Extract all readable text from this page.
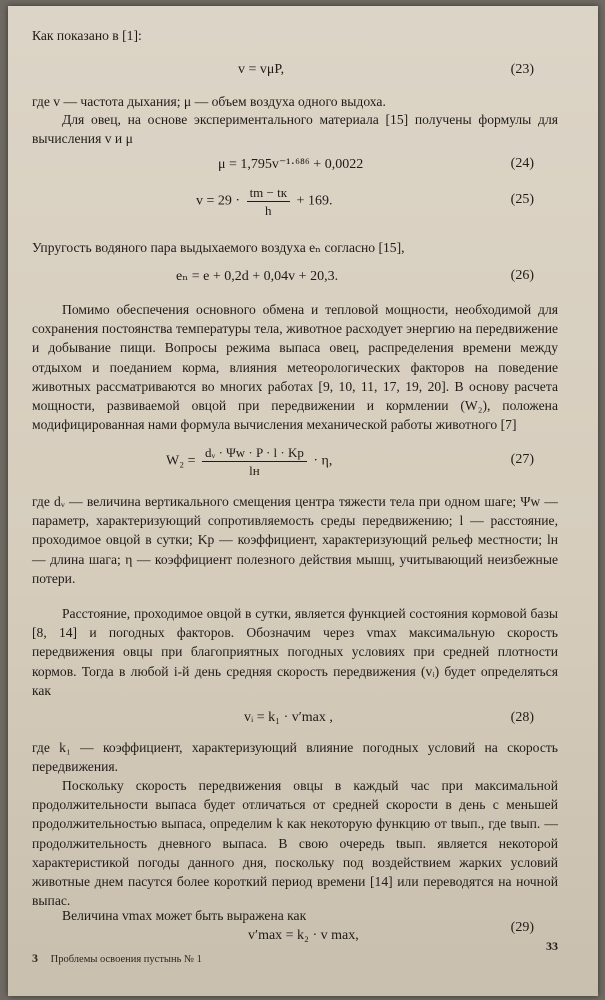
Как показано в [1]:
v = vμP,	(23)
где v — частота дыхания; μ — объем воздуха одного выдоха.
Для овец, на основе экспериментального материала [15] получены формулы для вычисления v и μ
μ = 1,795v⁻¹·⁶⁸⁶ + 0,0022	(24)
$v = 29 \cdot \frac{tm - tк}{h} + 169$.	(25)
Упругость водяного пара выдыхаемого воздуха eₙ согласно [15],
eₙ = e + 0,2d + 0,04v + 20,3.	(26)
Помимо обеспечения основного обмена и тепловой мощности, необходимой для сохранения постоянства температуры тела, животное расходует энергию на передвижение и добывание пищи. Вопросы режима выпаса овец, распределения времени между отдыхом и поеданием корма, влияния метеорологических факторов на поведение животных рассматриваются во многих работах [9, 10, 11, 17, 19, 20]. В основу расчета мощности, развиваемой овцой при передвижении и кормлении (W₂), положена модифицированная нами формула вычисления механической работы животного [7]
$W_2 = \frac{\text{dᵥ · Ψw · P · l · Kp}}{lн} \cdot \eta$,	(27)
где dᵥ — величина вертикального смещения центра тяжести тела при одном шаге; Ψw — параметр, характеризующий сопротивляемость среды передвижению; l — расстояние, проходимое овцой в сутки; Kp — коэффициент, характеризующий рельеф местности; lн — длина шага; η — коэффициент полезного действия мышц, учитывающий неизбежные потери.
Расстояние, проходимое овцой в сутки, является функцией состояния кормовой базы [8, 14] и погодных факторов. Обозначим через vmax максимальную скорость передвижения овцы при благоприятных погодных условиях при средней плотности кормов. Тогда в любой i-й день средняя скорость передвижения (vᵢ) будет определяться как
vᵢ = k₁ · v′max ,	(28)
где k₁ — коэффициент, характеризующий влияние погодных условий на скорость передвижения.
Поскольку скорость передвижения овцы в каждый час при максимальной продолжительности выпаса будет отличаться от средней скорости в день с меньшей продолжительностью выпаса, определим k как некоторую функцию от tвып., где tвып. — продолжительность дневного выпаса. В свою очередь tвып. является некоторой характеристикой погоды данного дня, поскольку под воздействием жарких условий животные днем пасутся более короткий период времени [14] или переводятся на ночной выпас.
Величина vmax может быть выражена как
v′max = k₂ · v max,
(29)
33
3 Проблемы освоения пустынь № 1
